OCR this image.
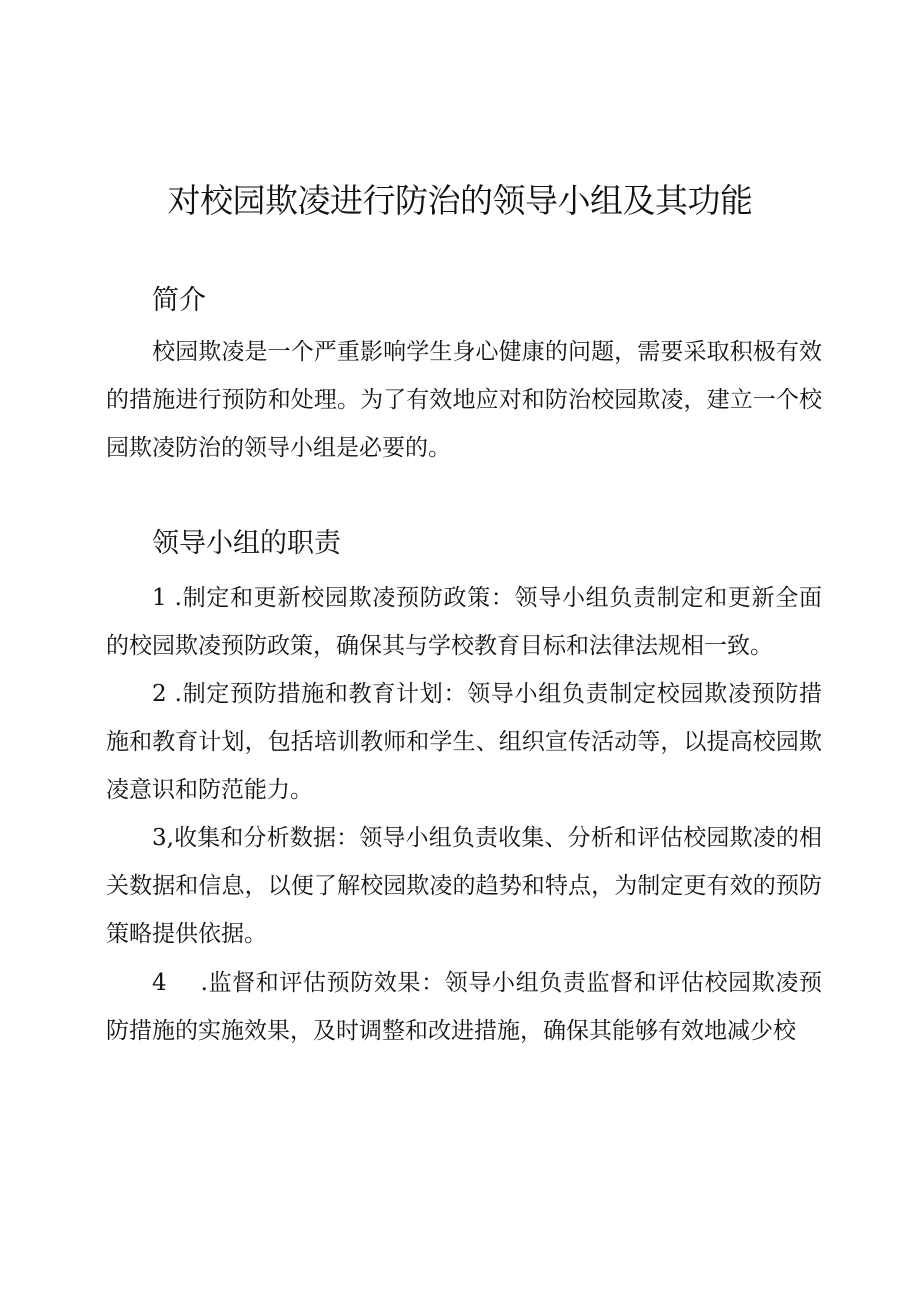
对校园欺凌进行防治的领导小组及其功能
简介

校园欺凌是一个严重影响学生身心健康的问题，需要采取积极有效的措施进行预防和处理。为了有效地应对和防治校园欺凌，建立一个校园欺凌防治的领导小组是必要的。

领导小组的职责

1 .制定和更新校园欺凌预防政策：领导小组负责制定和更新全面的校园欺凌预防政策，确保其与学校教育目标和法律法规相一致。

2 .制定预防措施和教育计划：领导小组负责制定校园欺凌预防措施和教育计划，包括培训教师和学生、组织宣传活动等，以提高校园欺凌意识和防范能力。

3,收集和分析数据：领导小组负责收集、分析和评估校园欺凌的相关数据和信息，以便了解校园欺凌的趋势和特点，为制定更有效的预防策略提供依据。

4 .监督和评估预防效果：领导小组负责监督和评估校园欺凌预防措施的实施效果，及时调整和改进措施，确保其能够有效地减少校
